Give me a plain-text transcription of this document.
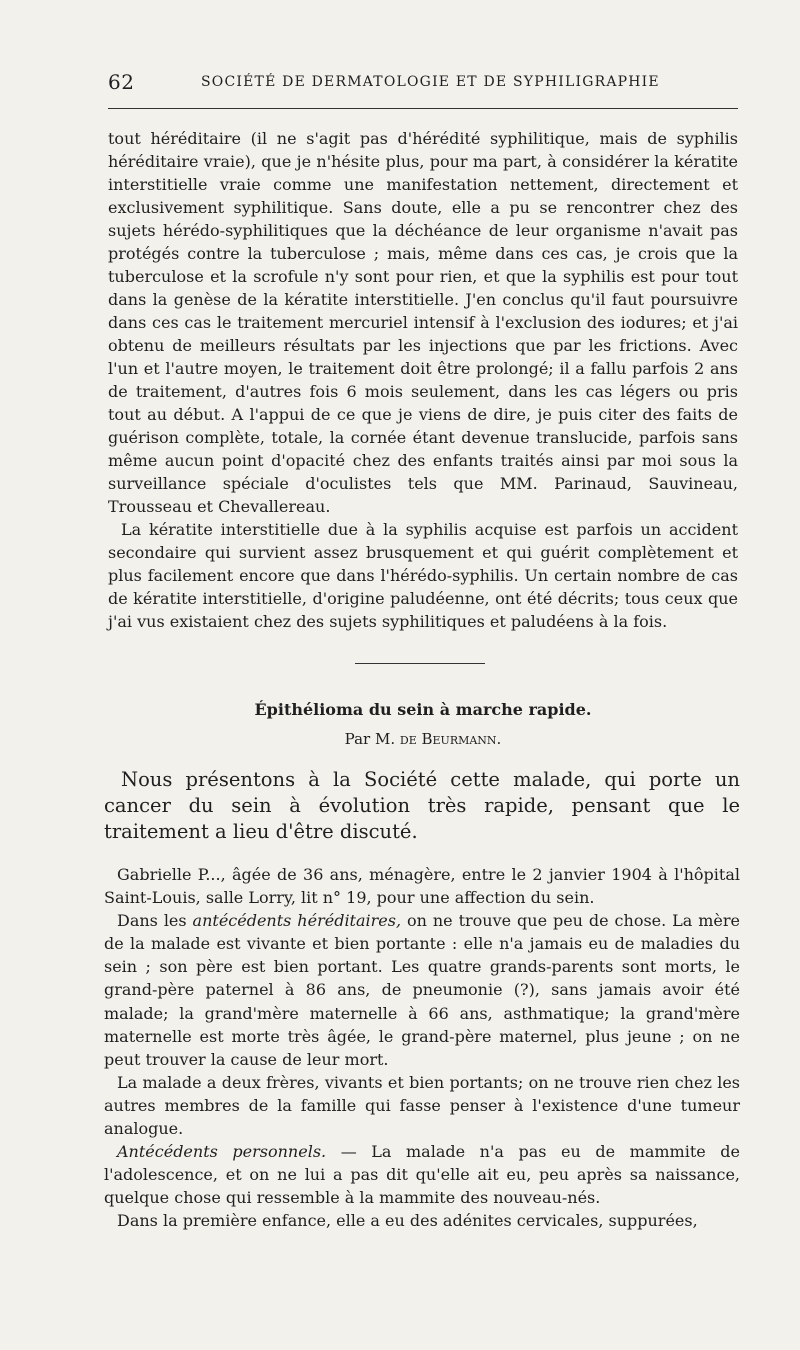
62	SOCIÉTÉ DE DERMATOLOGIE ET DE SYPHILIGRAPHIE

tout héréditaire (il ne s'agit pas d'hérédité syphilitique, mais de syphilis héréditaire vraie), que je n'hésite plus, pour ma part, à considérer la kératite interstitielle vraie comme une manifestation nettement, directement et exclusivement syphilitique. Sans doute, elle a pu se rencontrer chez des sujets hérédo-syphilitiques que la déchéance de leur organisme n'avait pas protégés contre la tuberculose ; mais, même dans ces cas, je crois que la tuberculose et la scrofule n'y sont pour rien, et que la syphilis est pour tout dans la genèse de la kératite interstitielle. J'en conclus qu'il faut poursuivre dans ces cas le traitement mercuriel intensif à l'exclusion des iodures; et j'ai obtenu de meilleurs résultats par les injections que par les frictions. Avec l'un et l'autre moyen, le traitement doit être prolongé; il a fallu parfois 2 ans de traitement, d'autres fois 6 mois seulement, dans les cas légers ou pris tout au début. A l'appui de ce que je viens de dire, je puis citer des faits de guérison complète, totale, la cornée étant devenue translucide, parfois sans même aucun point d'opacité chez des enfants traités ainsi par moi sous la surveillance spéciale d'oculistes tels que MM. Parinaud, Sauvineau, Trousseau et Chevallereau.

La kératite interstitielle due à la syphilis acquise est parfois un accident secondaire qui survient assez brusquement et qui guérit complètement et plus facilement encore que dans l'hérédo-syphilis. Un certain nombre de cas de kératite interstitielle, d'origine paludéenne, ont été décrits; tous ceux que j'ai vus existaient chez des sujets syphilitiques et paludéens à la fois.

Épithélioma du sein à marche rapide.
Par M. de Beurmann.

Nous présentons à la Société cette malade, qui porte un cancer du sein à évolution très rapide, pensant que le traitement a lieu d'être discuté.

Gabrielle P..., âgée de 36 ans, ménagère, entre le 2 janvier 1904 à l'hôpital Saint-Louis, salle Lorry, lit n° 19, pour une affection du sein.

Dans les antécédents héréditaires, on ne trouve que peu de chose. La mère de la malade est vivante et bien portante : elle n'a jamais eu de maladies du sein ; son père est bien portant. Les quatre grands-parents sont morts, le grand-père paternel à 86 ans, de pneumonie (?), sans jamais avoir été malade; la grand'mère maternelle à 66 ans, asthmatique; la grand'mère maternelle est morte très âgée, le grand-père maternel, plus jeune ; on ne peut trouver la cause de leur mort.

La malade a deux frères, vivants et bien portants; on ne trouve rien chez les autres membres de la famille qui fasse penser à l'existence d'une tumeur analogue.

Antécédents personnels. — La malade n'a pas eu de mammite de l'adolescence, et on ne lui a pas dit qu'elle ait eu, peu après sa naissance, quelque chose qui ressemble à la mammite des nouveau-nés.

Dans la première enfance, elle a eu des adénites cervicales, suppurées,
